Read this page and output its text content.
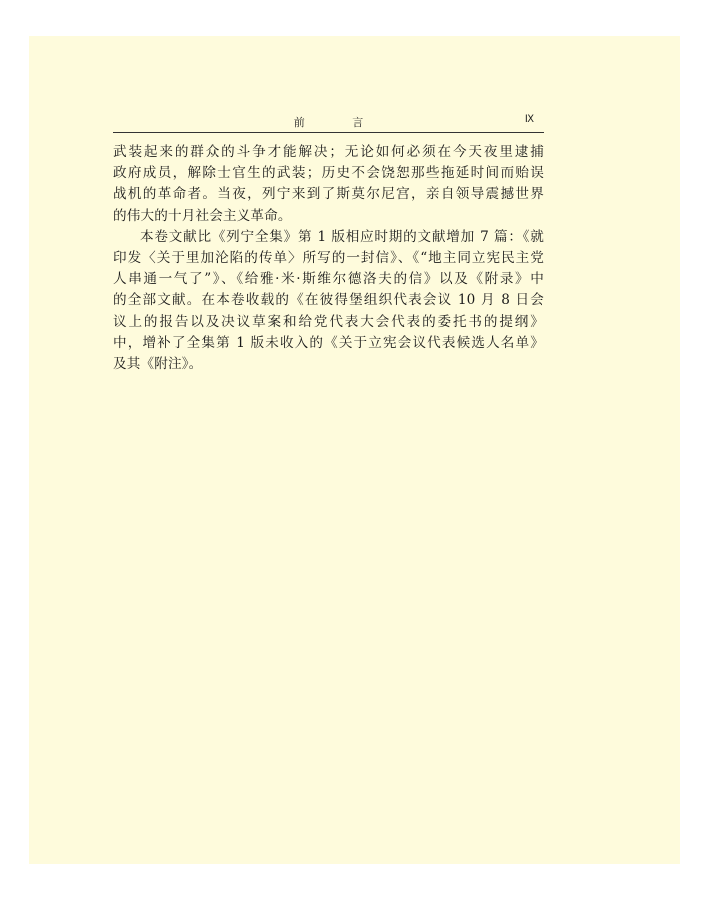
前 言	Ⅸ
武装起来的群众的斗争才能解决；无论如何必须在今天夜里逮捕
政府成员，解除士官生的武装；历史不会饶恕那些拖延时间而贻误
战机的革命者。当夜，列宁来到了斯莫尔尼宫，亲自领导震撼世界
的伟大的十月社会主义革命。
本卷文献比《列宁全集》第 1 版相应时期的文献增加 7 篇：《就
印发〈关于里加沦陷的传单〉所写的一封信》、《“地主同立宪民主党
人串通一气了”》、《给雅·米·斯维尔德洛夫的信》以及《附录》中
的全部文献。在本卷收载的《在彼得堡组织代表会议 10 月 8 日会
议上的报告以及决议草案和给党代表大会代表的委托书的提纲》
中，增补了全集第 1 版未收入的《关于立宪会议代表候选人名单》
及其《附注》。
